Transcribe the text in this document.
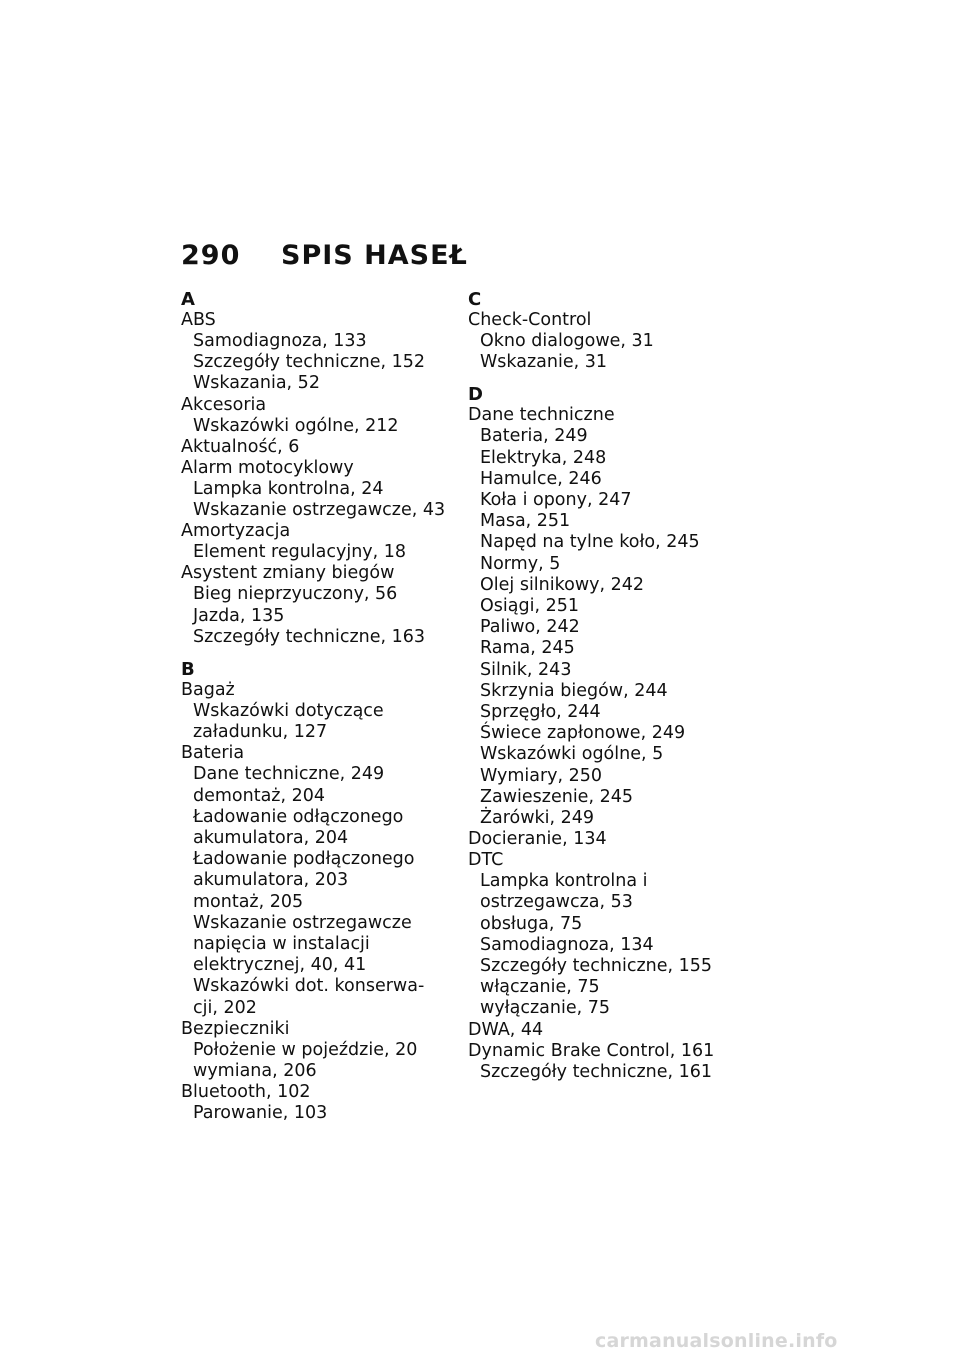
290	SPIS HASEŁ
A
ABS
Samodiagnoza, 133
Szczegóły techniczne, 152
Wskazania, 52
Akcesoria
Wskazówki ogólne, 212
Aktualność, 6
Alarm motocyklowy
Lampka kontrolna, 24
Wskazanie ostrzegawcze, 43
Amortyzacja
Element regulacyjny, 18
Asystent zmiany biegów
Bieg nieprzyuczony, 56
Jazda, 135
Szczegóły techniczne, 163
B
Bagaż
Wskazówki dotyczące
załadunku, 127
Bateria
Dane techniczne, 249
demontaż, 204
Ładowanie odłączonego
akumulatora, 204
Ładowanie podłączonego
akumulatora, 203
montaż, 205
Wskazanie ostrzegawcze
napięcia w instalacji
elektrycznej, 40, 41
Wskazówki dot. konserwa-
cji, 202
Bezpieczniki
Położenie w pojeździe, 20
wymiana, 206
Bluetooth, 102
Parowanie, 103
C
Check-Control
Okno dialogowe, 31
Wskazanie, 31
D
Dane techniczne
Bateria, 249
Elektryka, 248
Hamulce, 246
Koła i opony, 247
Masa, 251
Napęd na tylne koło, 245
Normy, 5
Olej silnikowy, 242
Osiągi, 251
Paliwo, 242
Rama, 245
Silnik, 243
Skrzynia biegów, 244
Sprzęgło, 244
Świece zapłonowe, 249
Wskazówki ogólne, 5
Wymiary, 250
Zawieszenie, 245
Żarówki, 249
Docieranie, 134
DTC
Lampka kontrolna i
ostrzegawcza, 53
obsługa, 75
Samodiagnoza, 134
Szczegóły techniczne, 155
włączanie, 75
wyłączanie, 75
DWA, 44
Dynamic Brake Control, 161
Szczegóły techniczne, 161
carmanualsonline.info
